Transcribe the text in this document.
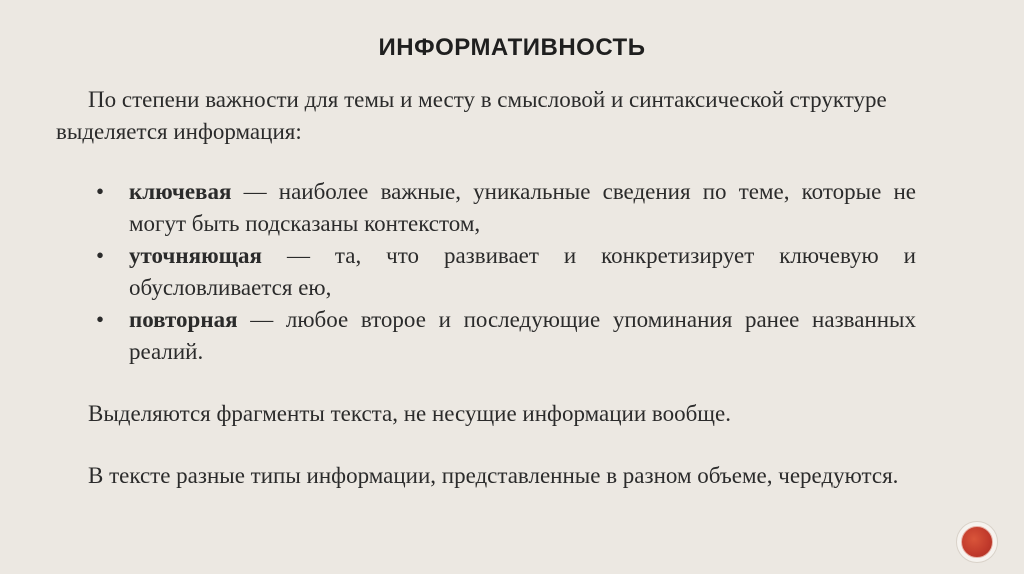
ИНФОРМАТИВНОСТЬ

По степени важности для темы и месту в смысловой и синтаксической структуре выделяется информация:

• ключевая — наиболее важные, уникальные сведения по теме, которые не могут быть подсказаны контекстом,
• уточняющая — та, что развивает и конкретизирует ключевую и обусловливается ею,
• повторная — любое второе и последующие упоминания ранее названных реалий.

Выделяются фрагменты текста, не несущие информации вообще.

В тексте разные типы информации, представленные в разном объеме, чередуются.
